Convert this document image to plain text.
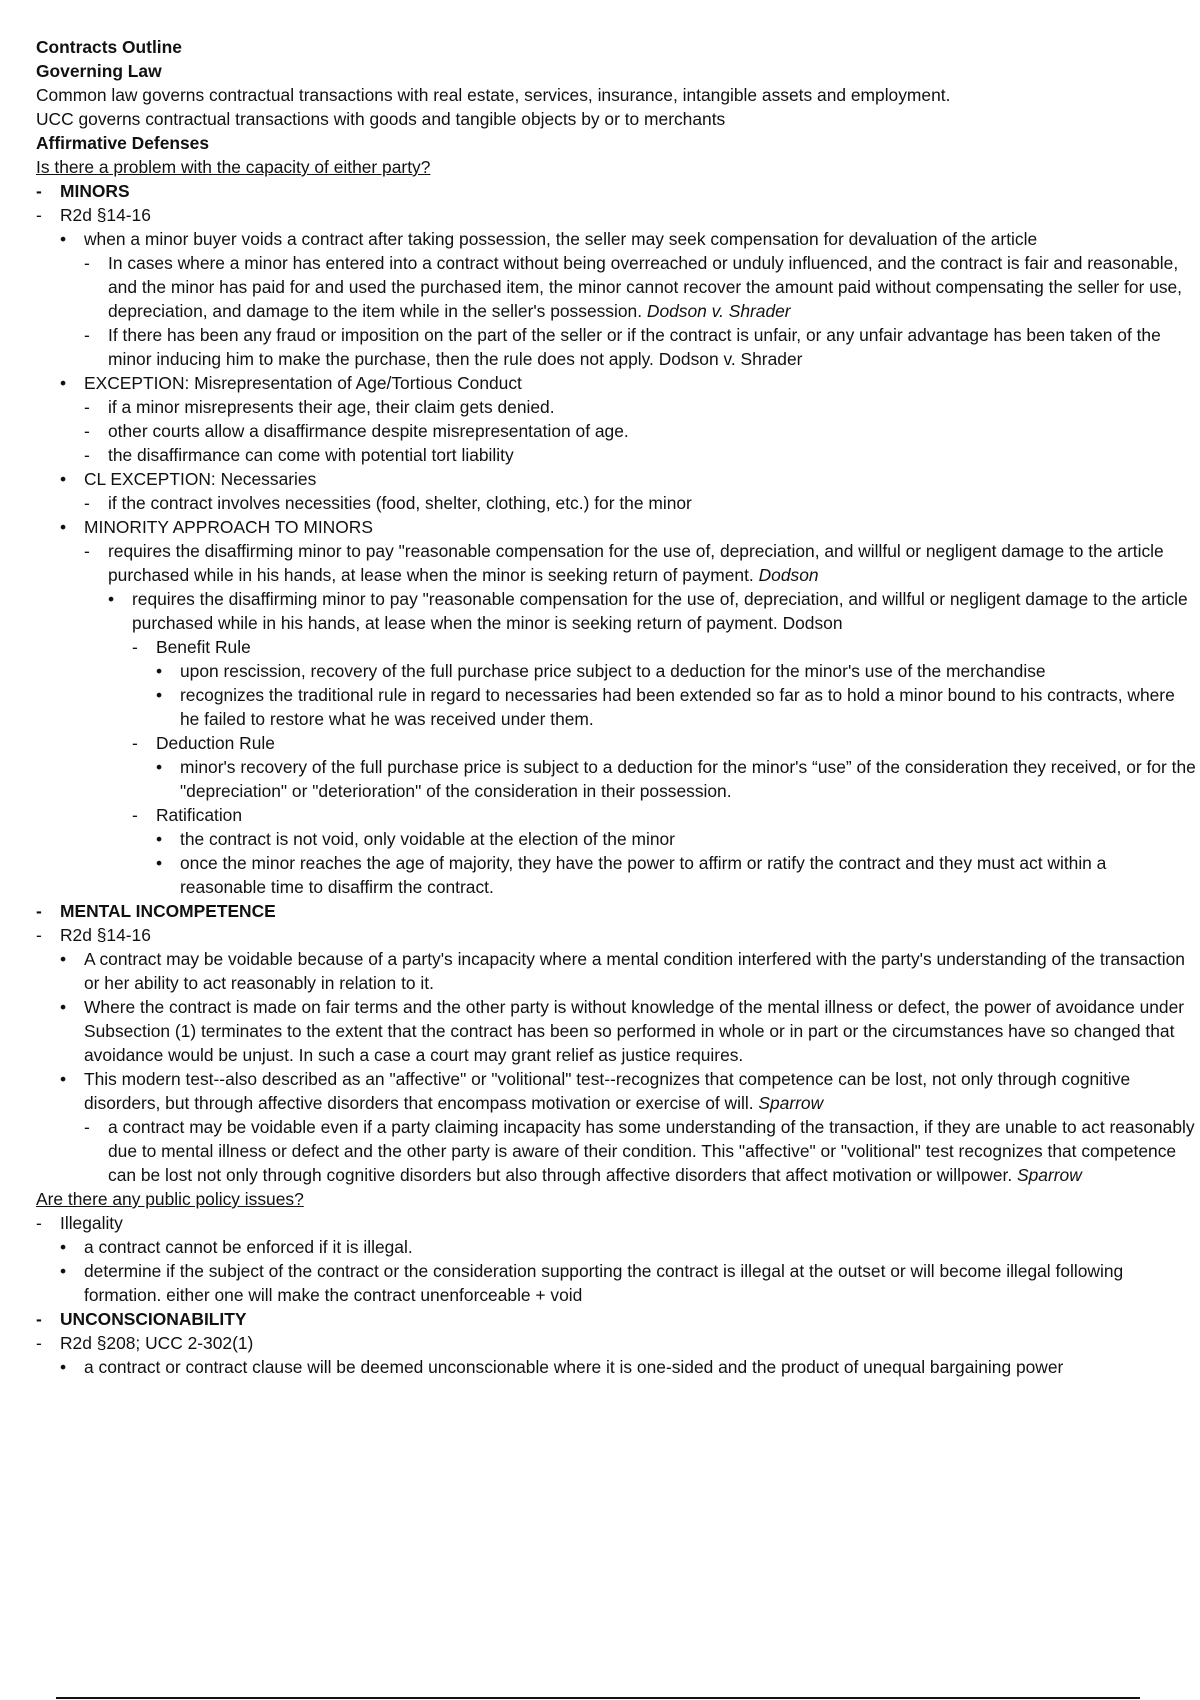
Contracts Outline
Governing Law
Common law governs contractual transactions with real estate, services, insurance, intangible assets and employment.
UCC governs contractual transactions with goods and tangible objects by or to merchants
Affirmative Defenses
Is there a problem with the capacity of either party?
- MINORS
- R2d §14-16
• when a minor buyer voids a contract after taking possession, the seller may seek compensation for devaluation of the article
- In cases where a minor has entered into a contract without being overreached or unduly influenced, and the contract is fair and reasonable, and the minor has paid for and used the purchased item, the minor cannot recover the amount paid without compensating the seller for use, depreciation, and damage to the item while in the seller's possession. Dodson v. Shrader
- If there has been any fraud or imposition on the part of the seller or if the contract is unfair, or any unfair advantage has been taken of the minor inducing him to make the purchase, then the rule does not apply. Dodson v. Shrader
• EXCEPTION: Misrepresentation of Age/Tortious Conduct
- if a minor misrepresents their age, their claim gets denied.
- other courts allow a disaffirmance despite misrepresentation of age.
- the disaffirmance can come with potential tort liability
• CL EXCEPTION: Necessaries
- if the contract involves necessities (food, shelter, clothing, etc.) for the minor
• MINORITY APPROACH TO MINORS
- requires the disaffirming minor to pay "reasonable compensation for the use of, depreciation, and willful or negligent damage to the article purchased while in his hands, at lease when the minor is seeking return of payment. Dodson
• requires the disaffirming minor to pay "reasonable compensation for the use of, depreciation, and willful or negligent damage to the article purchased while in his hands, at lease when the minor is seeking return of payment. Dodson
- Benefit Rule
• upon rescission, recovery of the full purchase price subject to a deduction for the minor's use of the merchandise
• recognizes the traditional rule in regard to necessaries had been extended so far as to hold a minor bound to his contracts, where he failed to restore what he was received under them.
- Deduction Rule
• minor's recovery of the full purchase price is subject to a deduction for the minor's “use” of the consideration they received, or for the "depreciation" or "deterioration" of the consideration in their possession.
- Ratification
• the contract is not void, only voidable at the election of the minor
• once the minor reaches the age of majority, they have the power to affirm or ratify the contract and they must act within a reasonable time to disaffirm the contract.
- MENTAL INCOMPETENCE
- R2d §14-16
• A contract may be voidable because of a party's incapacity where a mental condition interfered with the party's understanding of the transaction or her ability to act reasonably in relation to it.
• Where the contract is made on fair terms and the other party is without knowledge of the mental illness or defect, the power of avoidance under Subsection (1) terminates to the extent that the contract has been so performed in whole or in part or the circumstances have so changed that avoidance would be unjust. In such a case a court may grant relief as justice requires.
• This modern test--also described as an "affective" or "volitional" test--recognizes that competence can be lost, not only through cognitive disorders, but through affective disorders that encompass motivation or exercise of will. Sparrow
- a contract may be voidable even if a party claiming incapacity has some understanding of the transaction, if they are unable to act reasonably due to mental illness or defect and the other party is aware of their condition. This "affective" or "volitional" test recognizes that competence can be lost not only through cognitive disorders but also through affective disorders that affect motivation or willpower. Sparrow
Are there any public policy issues?
- Illegality
• a contract cannot be enforced if it is illegal.
• determine if the subject of the contract or the consideration supporting the contract is illegal at the outset or will become illegal following formation. either one will make the contract unenforceable + void
- UNCONSCIONABILITY
- R2d §208; UCC 2-302(1)
• a contract or contract clause will be deemed unconscionable where it is one-sided and the product of unequal bargaining power
